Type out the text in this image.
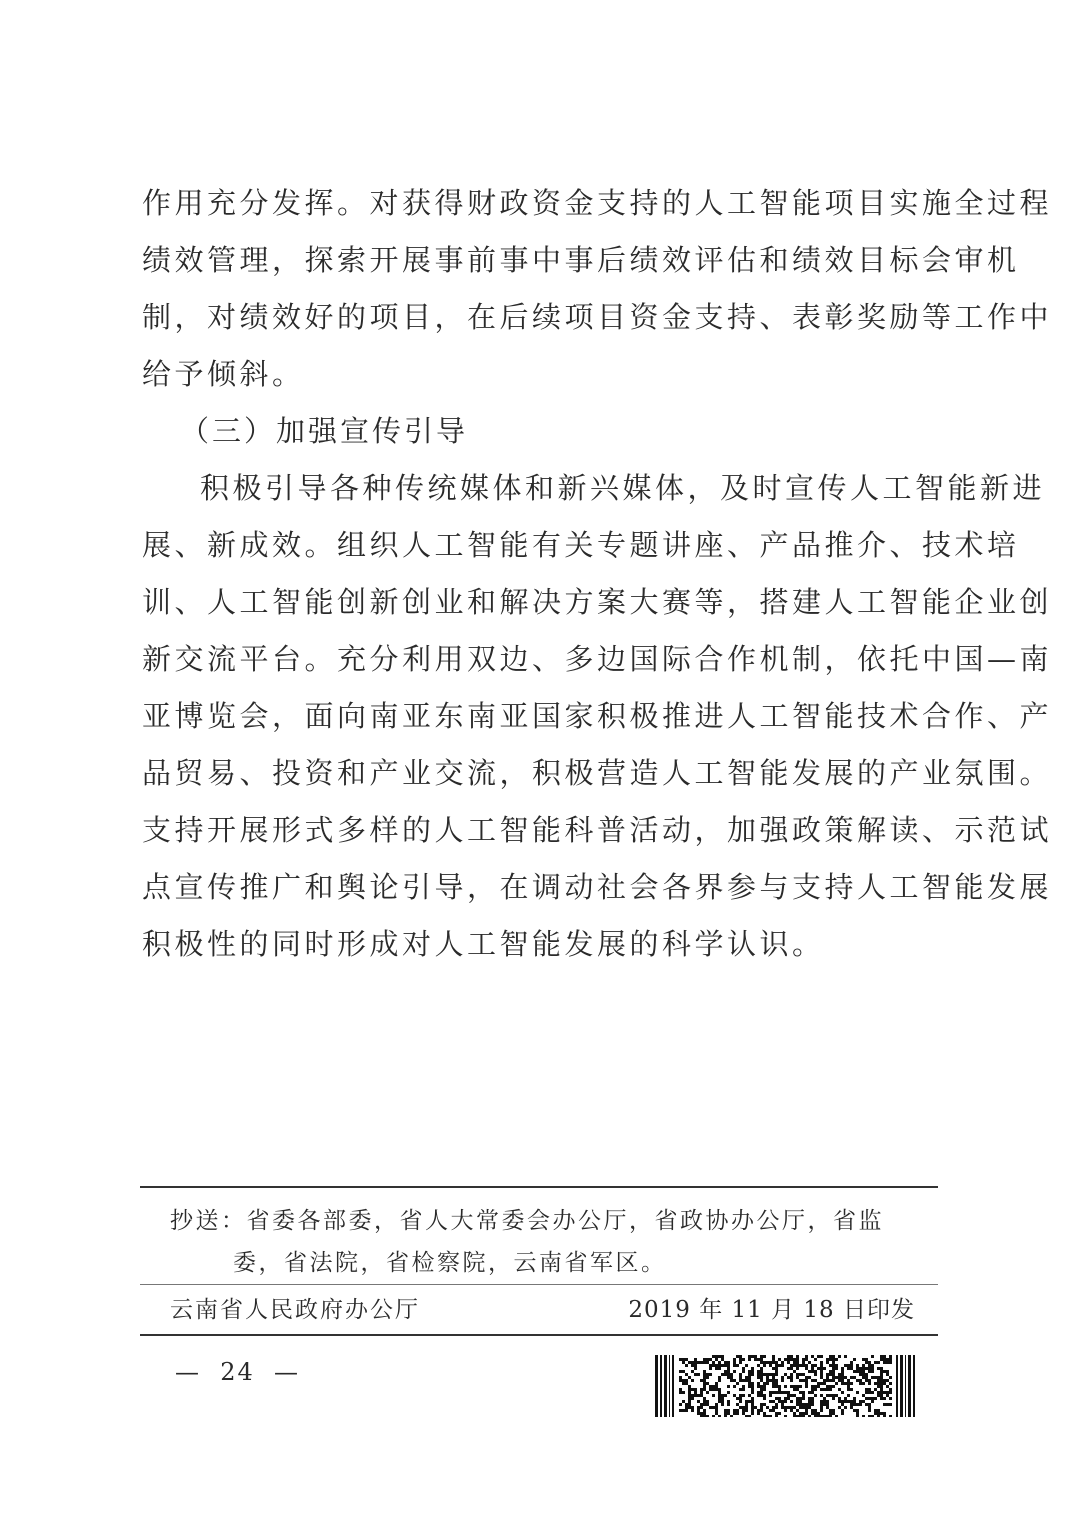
作用充分发挥。对获得财政资金支持的人工智能项目实施全过程
绩效管理，探索开展事前事中事后绩效评估和绩效目标会审机
制，对绩效好的项目，在后续项目资金支持、表彰奖励等工作中
给予倾斜。
（三）加强宣传引导
积极引导各种传统媒体和新兴媒体，及时宣传人工智能新进
展、新成效。组织人工智能有关专题讲座、产品推介、技术培
训、人工智能创新创业和解决方案大赛等，搭建人工智能企业创
新交流平台。充分利用双边、多边国际合作机制，依托中国—南
亚博览会，面向南亚东南亚国家积极推进人工智能技术合作、产
品贸易、投资和产业交流，积极营造人工智能发展的产业氛围。
支持开展形式多样的人工智能科普活动，加强政策解读、示范试
点宣传推广和舆论引导，在调动社会各界参与支持人工智能发展
积极性的同时形成对人工智能发展的科学认识。
抄送：省委各部委，省人大常委会办公厅，省政协办公厅，省监
委，省法院，省检察院，云南省军区。
云南省人民政府办公厅	2019 年 11 月 18 日印发
—  24  —
